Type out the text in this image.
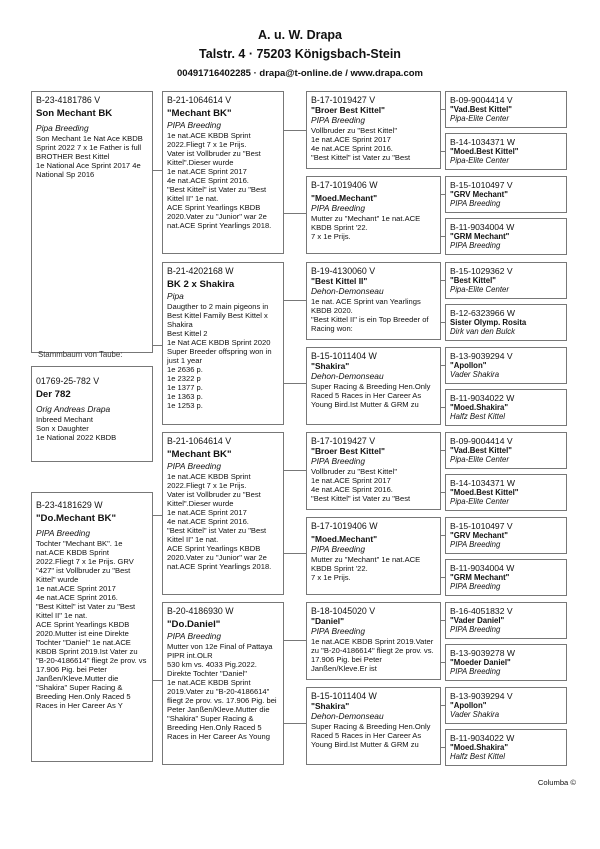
A. u. W. Drapa
Talstr. 4 · 75203 Königsbach-Stein
00491716402285 · drapa@t-online.de / www.drapa.com
B-23-4181786 V
Son Mechant BK
Pipa Breeding
Son Mechant 1e Nat Ace KBDB Sprint 2022 7 x 1e Father is full BROTHER Best Kittel
1e National Ace Sprint 2017 4e National Sp 2016
Stammbaum von Taube:
01769-25-782 V
Der 782
Orig Andreas Drapa
Inbreed Mechant
Son x Daughter
1e National 2022 KBDB
B-23-4181629 W
"Do.Mechant BK"
PIPA Breeding
Tochter "Mechant BK". 1e nat.ACE KBDB Sprint 2022.Fliegt 7 x 1e Prijs. GRV "427" ist Vollbruder zu "Best Kittel" wurde
1e nat.ACE Sprint 2017
4e nat.ACE Sprint 2016.
"Best Kittel" ist Vater zu "Best Kittel II" 1e nat.
ACE Sprint Yearlings KBDB 2020.Mutter ist eine Direkte Tochter "Daniel" 1e nat.ACE KBDB Sprint 2019.Ist Vater zu "B-20-4186614" fliegt 2e prov. vs 17.906 Pig. bei Peter Janßen/Kleve.Mutter die "Shakira" Super Racing & Breeding Hen.Only Raced 5 Races in Her Career As Y
B-21-1064614 V
"Mechant BK"
PIPA Breeding
1e nat.ACE KBDB Sprint 2022.Fliegt 7 x 1e Prijs.
Vater ist Vollbruder zu "Best Kittel".Dieser wurde
1e nat.ACE Sprint 2017
4e nat.ACE Sprint 2016.
"Best Kittel" ist Vater zu "Best Kittel II" 1e nat.
ACE Sprint Yearlings KBDB 2020.Vater zu "Junior" war 2e nat.ACE Sprint Yearlings 2018.
B-21-4202168 W
BK 2 x Shakira
Pipa
Daugther to 2 main pigeons in Best Kittel Family Best Kittel x Shakira
Best Kittel 2
1e Nat ACE KBDB Sprint 2020 Super Breeder offspring won in just 1 year
1e 2636 p.
1e 2322 p
1e 1377 p.
1e 1363 p.
1e 1253 p.
B-21-1064614 V
"Mechant BK"
PIPA Breeding
1e nat.ACE KBDB Sprint 2022.Fliegt 7 x 1e Prijs.
Vater ist Vollbruder zu "Best Kittel".Dieser wurde
1e nat.ACE Sprint 2017
4e nat.ACE Sprint 2016.
"Best Kittel" ist Vater zu "Best Kittel II" 1e nat.
ACE Sprint Yearlings KBDB 2020.Vater zu "Junior" war 2e nat.ACE Sprint Yearlings 2018.
B-20-4186930 W
"Do.Daniel"
PIPA Breeding
Mutter von 12e Final of Pattaya PIPR int.OLR
530 km vs. 4033 Pig.2022.
Direkte Tochter "Daniel"
1e nat.ACE KBDB Sprint 2019.Vater zu "B-20-4186614" fliegt 2e prov. vs. 17.906 Pig. bei Peter Janßen/Kleve.Mutter die
"Shakira" Super Racing & Breeding Hen.Only Raced 5 Races in Her Career As Young
B-17-1019427 V
"Broer Best Kittel"
PIPA Breeding
Vollbruder zu "Best Kittel"
1e nat.ACE Sprint 2017
4e nat.ACE Sprint 2016.
"Best Kittel" ist Vater zu "Best
B-17-1019406 W
"Moed.Mechant"
PIPA Breeding
Mutter zu "Mechant" 1e nat.ACE KBDB Sprint '22.
7 x 1e Prijs.
B-19-4130060 V
"Best Kittel II"
Dehon-Demonseau
1e nat. ACE Sprint van Yearlings KBDB 2020.
"Best Kittel II" is ein Top Breeder of Racing won:
B-15-1011404 W
"Shakira"
Dehon-Demonseau
Super Racing & Breeding Hen.Only Raced 5 Races in Her Career As Young Bird.Ist Mutter & GRM zu
B-17-1019427 V
"Broer Best Kittel"
PIPA Breeding
Vollbruder zu "Best Kittel"
1e nat.ACE Sprint 2017
4e nat.ACE Sprint 2016.
"Best Kittel" ist Vater zu "Best
B-17-1019406 W
"Moed.Mechant"
PIPA Breeding
Mutter zu "Mechant" 1e nat.ACE KBDB Sprint '22.
7 x 1e Prijs.
B-18-1045020 V
"Daniel"
PIPA Breeding
1e nat.ACE KBDB Sprint 2019.Vater zu "B-20-4186614" fliegt 2e prov. vs. 17.906 Pig. bei Peter Janßen/Kleve.Er ist
B-15-1011404 W
"Shakira"
Dehon-Demonseau
Super Racing & Breeding Hen.Only Raced 5 Races in Her Career As Young Bird.Ist Mutter & GRM zu
B-09-9004414 V
"Vad.Best Kittel"
Pipa-Elite Center
B-14-1034371 W
"Moed.Best Kittel"
Pipa-Elite Center
B-15-1010497 V
"GRV Mechant"
PIPA Breeding
B-11-9034004 W
"GRM Mechant"
PIPA Breeding
B-15-1029362 V
"Best Kittel"
Pipa-Elite Center
B-12-6323966 W
Sister Olymp. Rosita
Dirk van den Bulck
B-13-9039294 V
"Apollon"
Vader Shakira
B-11-9034022 W
"Moed.Shakira"
Halfz Best Kittel
B-09-9004414 V
"Vad.Best Kittel"
Pipa-Elite Center
B-14-1034371 W
"Moed.Best Kittel"
Pipa-Elite Center
B-15-1010497 V
"GRV Mechant"
PIPA Breeding
B-11-9034004 W
"GRM Mechant"
PIPA Breeding
B-16-4051832 V
"Vader Daniel"
PIPA Breeding
B-13-9039278 W
"Moeder Daniel"
PIPA Breeding
B-13-9039294 V
"Apollon"
Vader Shakira
B-11-9034022 W
"Moed.Shakira"
Halfz Best Kittel
Columba ©
